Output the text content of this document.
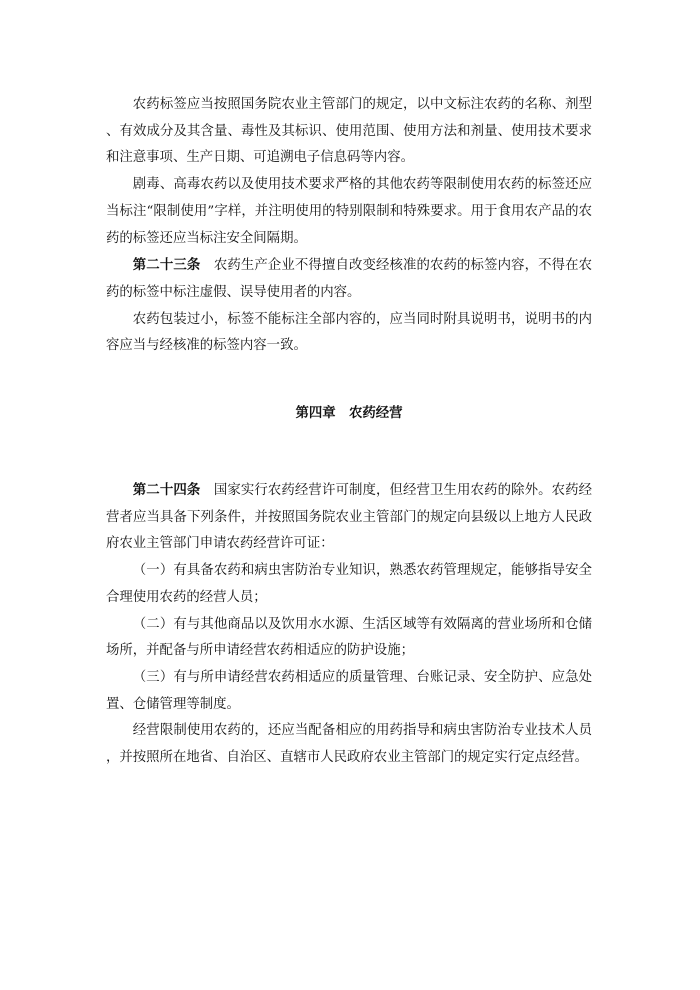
农药标签应当按照国务院农业主管部门的规定，以中文标注农药的名称、剂型、有效成分及其含量、毒性及其标识、使用范围、使用方法和剂量、使用技术要求和注意事项、生产日期、可追溯电子信息码等内容。

剧毒、高毒农药以及使用技术要求严格的其他农药等限制使用农药的标签还应当标注“限制使用”字样，并注明使用的特别限制和特殊要求。用于食用农产品的农药的标签还应当标注安全间隔期。

第二十三条 农药生产企业不得擅自改变经核准的农药的标签内容，不得在农药的标签中标注虚假、误导使用者的内容。

农药包装过小，标签不能标注全部内容的，应当同时附具说明书，说明书的内容应当与经核准的标签内容一致。

第四章 农药经营

第二十四条 国家实行农药经营许可制度，但经营卫生用农药的除外。农药经营者应当具备下列条件，并按照国务院农业主管部门的规定向县级以上地方人民政府农业主管部门申请农药经营许可证：

（一）有具备农药和病虫害防治专业知识，熟悉农药管理规定，能够指导安全合理使用农药的经营人员；

（二）有与其他商品以及饮用水水源、生活区域等有效隔离的营业场所和仓储场所，并配备与所申请经营农药相适应的防护设施；

（三）有与所申请经营农药相适应的质量管理、台账记录、安全防护、应急处置、仓储管理等制度。

经营限制使用农药的，还应当配备相应的用药指导和病虫害防治专业技术人员，并按照所在地省、自治区、直辖市人民政府农业主管部门的规定实行定点经营。
